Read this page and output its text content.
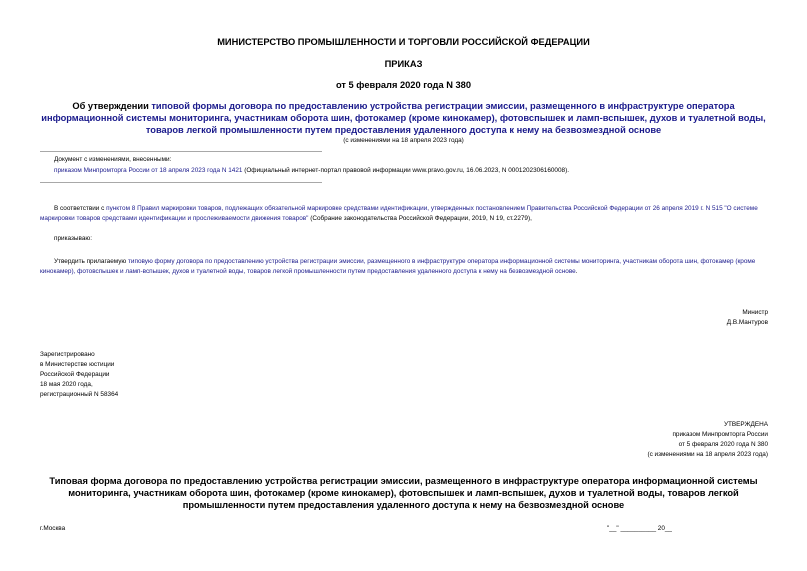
МИНИСТЕРСТВО ПРОМЫШЛЕННОСТИ И ТОРГОВЛИ РОССИЙСКОЙ ФЕДЕРАЦИИ
ПРИКАЗ
от 5 февраля 2020 года N 380
Об утверждении типовой формы договора по предоставлению устройства регистрации эмиссии, размещенного в инфраструктуре оператора информационной системы мониторинга, участникам оборота шин, фотокамер (кроме кинокамер), фотовспышек и ламп-вспышек, духов и туалетной воды, товаров легкой промышленности путем предоставления удаленного доступа к нему на безвозмездной основе
(с изменениями на 18 апреля 2023 года)
Документ с изменениями, внесенными:
приказом Минпромторга России от 18 апреля 2023 года N 1421 (Официальный интернет-портал правовой информации www.pravo.gov.ru, 16.06.2023, N 0001202306160008).
В соответствии с пунктом 8 Правил маркировки товаров, подлежащих обязательной маркировке средствами идентификации, утвержденных постановлением Правительства Российской Федерации от 26 апреля 2019 г. N 515 "О системе маркировки товаров средствами идентификации и прослеживаемости движения товаров" (Собрание законодательства Российской Федерации, 2019, N 19, ст.2279),
приказываю:
Утвердить прилагаемую типовую форму договора по предоставлению устройства регистрации эмиссии, размещенного в инфраструктуре оператора информационной системы мониторинга, участникам оборота шин, фотокамер (кроме кинокамер), фотовспышек и ламп-вспышек, духов и туалетной воды, товаров легкой промышленности путем предоставления удаленного доступа к нему на безвозмездной основе.
Министр
Д.В.Мантуров
Зарегистрировано
в Министерстве юстиции
Российской Федерации
18 мая 2020 года,
регистрационный N 58364
УТВЕРЖДЕНА
приказом Минпромторга России
от 5 февраля 2020 года N 380
(с изменениями на 18 апреля 2023 года)
Типовая форма договора по предоставлению устройства регистрации эмиссии, размещенного в инфраструктуре оператора информационной системы мониторинга, участникам оборота шин, фотокамер (кроме кинокамер), фотовспышек и ламп-вспышек, духов и туалетной воды, товаров легкой промышленности путем предоставления удаленного доступа к нему на безвозмездной основе
г.Москва	"__" __________ 20__
